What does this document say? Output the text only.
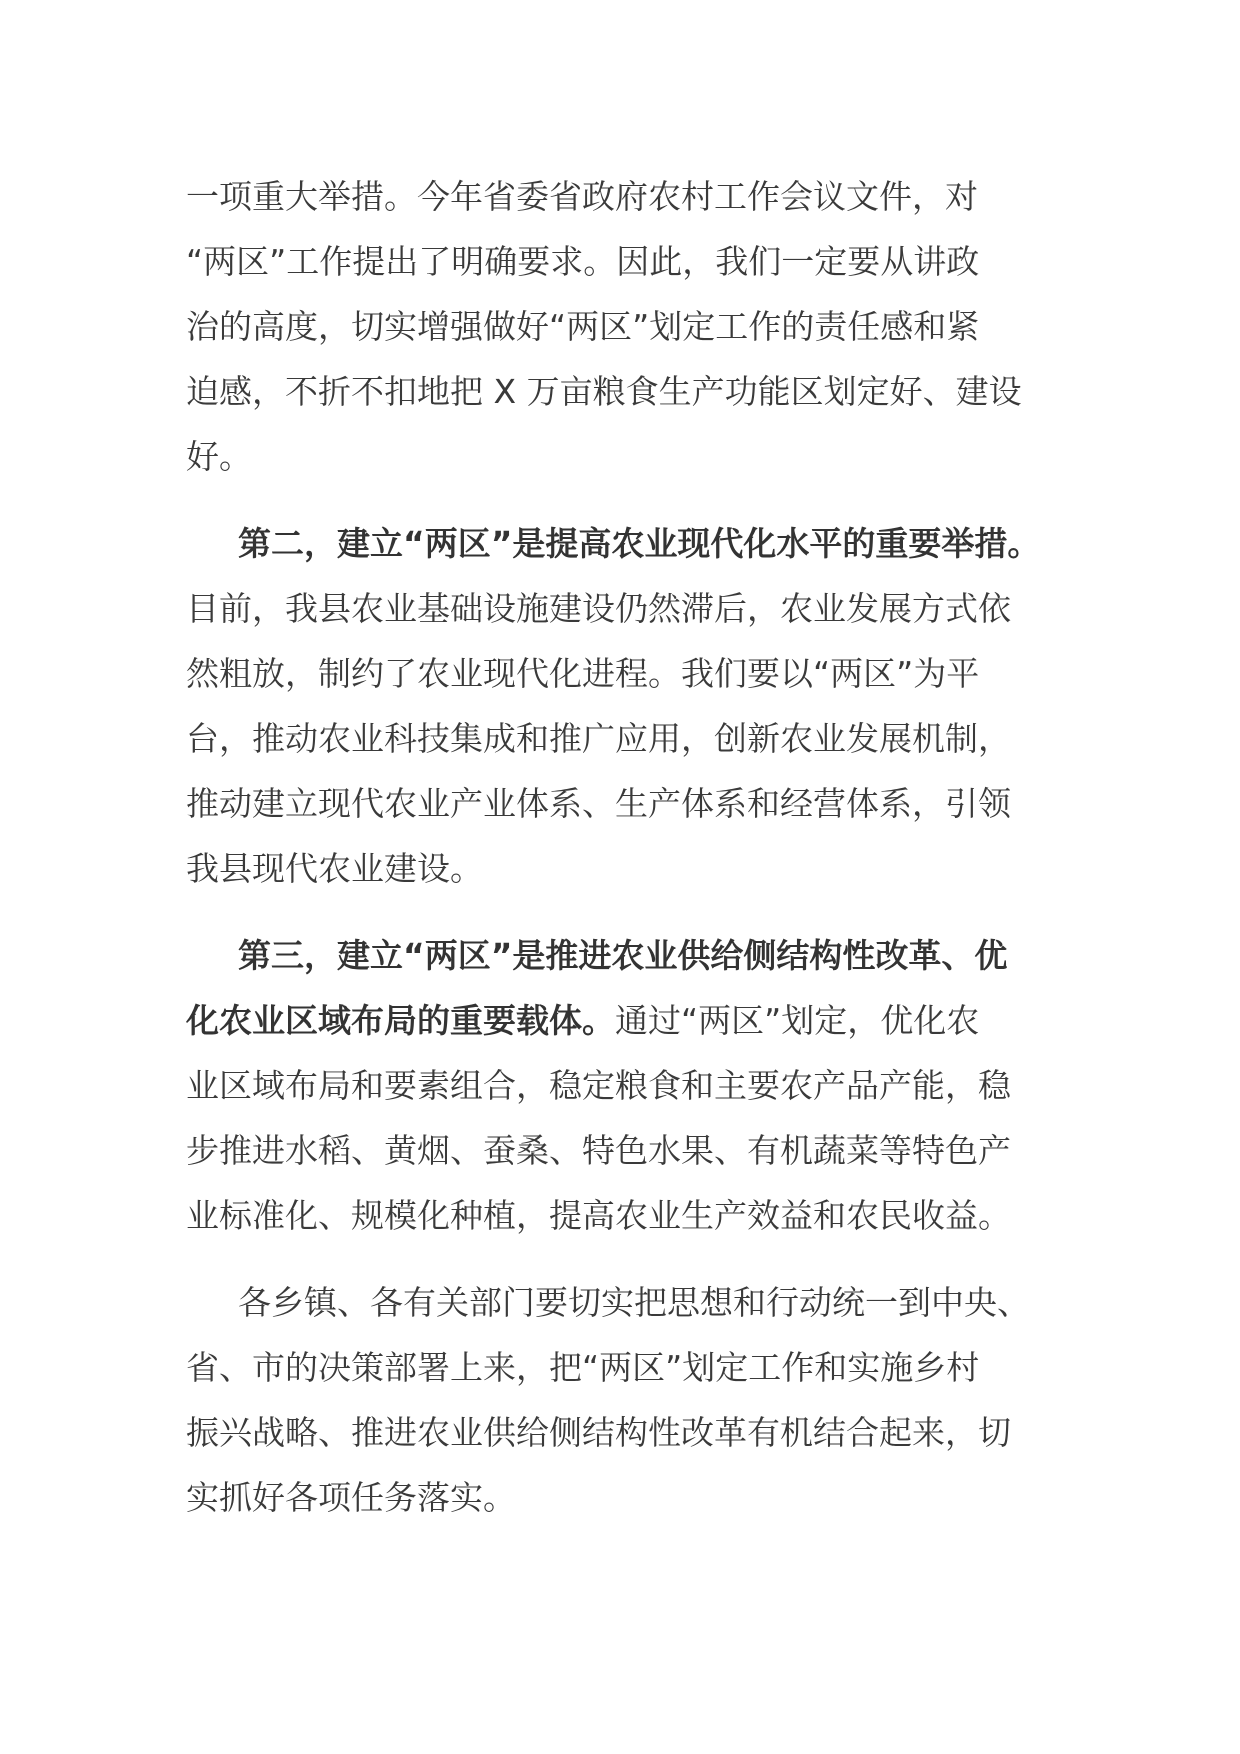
一项重大举措。今年省委省政府农村工作会议文件，对
“两区”工作提出了明确要求。因此，我们一定要从讲政
治的高度，切实增强做好“两区”划定工作的责任感和紧
迫感，不折不扣地把 X 万亩粮食生产功能区划定好、建设
好。

第二，建立“两区”是提高农业现代化水平的重要举措。
目前，我县农业基础设施建设仍然滞后，农业发展方式依
然粗放，制约了农业现代化进程。我们要以“两区”为平
台，推动农业科技集成和推广应用，创新农业发展机制，
推动建立现代农业产业体系、生产体系和经营体系，引领
我县现代农业建设。

第三，建立“两区”是推进农业供给侧结构性改革、优
化农业区域布局的重要载体。通过“两区”划定，优化农
业区域布局和要素组合，稳定粮食和主要农产品产能，稳
步推进水稻、黄烟、蚕桑、特色水果、有机蔬菜等特色产
业标准化、规模化种植，提高农业生产效益和农民收益。

各乡镇、各有关部门要切实把思想和行动统一到中央、
省、市的决策部署上来，把“两区”划定工作和实施乡村
振兴战略、推进农业供给侧结构性改革有机结合起来，切
实抓好各项任务落实。
